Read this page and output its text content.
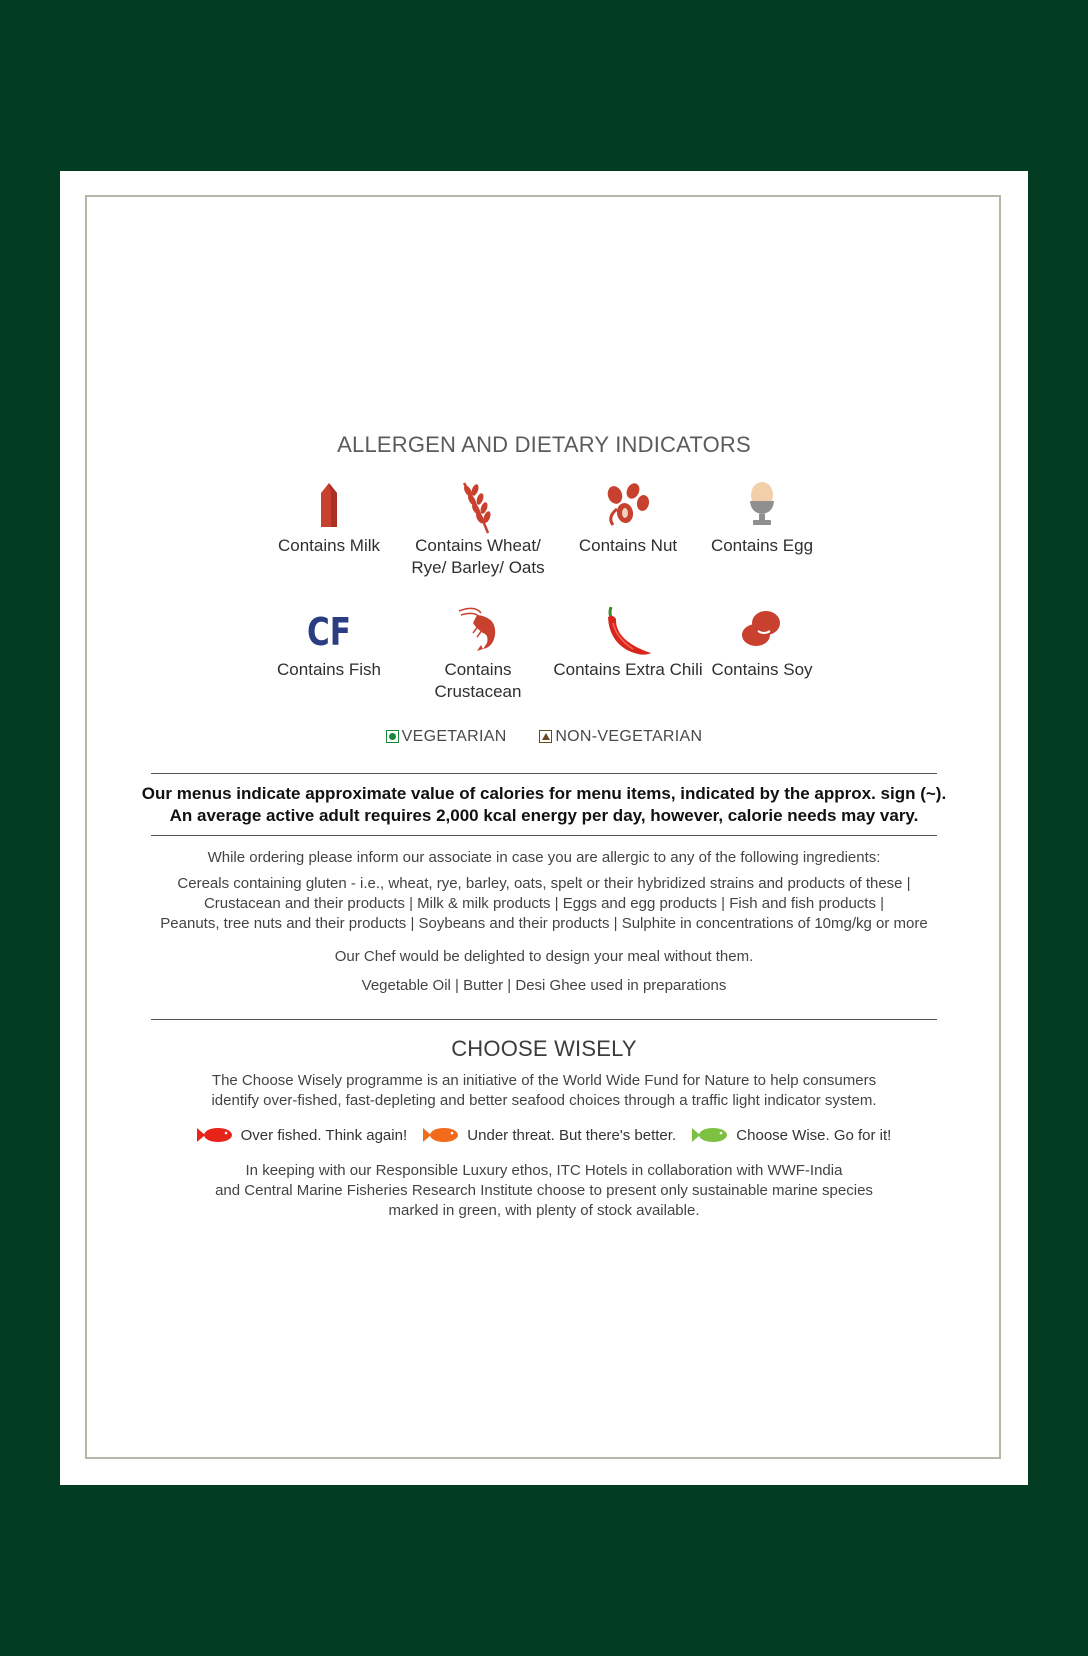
ALLERGEN AND DIETARY INDICATORS
Contains Milk	Contains Wheat/ Rye/ Barley/ Oats
Contains Nut	Contains Egg
CF
Contains Fish	Contains Crustacean
Contains Extra Chili Contains Soy
VEGETARIAN
	NON-VEGETARIAN
Our menus indicate approximate value of calories for menu items, indicated by the approx. sign (~).
An average active adult requires 2,000 kcal energy per day, however, calorie needs may vary.
While ordering please inform our associate in case you are allergic to any of the following ingredients:
Cereals containing gluten - i.e., wheat, rye, barley, oats, spelt or their hybridized strains and products of these |
Crustacean and their products | Milk & milk products | Eggs and egg products | Fish and fish products |
Peanuts, tree nuts and their products | Soybeans and their products | Sulphite in concentrations of 10mg/kg or more
Our Chef would be delighted to design your meal without them.
Vegetable Oil | Butter | Desi Ghee used in preparations
CHOOSE WISELY
The Choose Wisely programme is an initiative of the World Wide Fund for Nature to help consumers
identify over-fished, fast-depleting and better seafood choices through a traffic light indicator system.
Over fished. Think again!
	Under threat. But there's better.
	Choose Wise. Go for it!
In keeping with our Responsible Luxury ethos, ITC Hotels in collaboration with WWF-India
and Central Marine Fisheries Research Institute choose to present only sustainable marine species
marked in green, with plenty of stock available.
